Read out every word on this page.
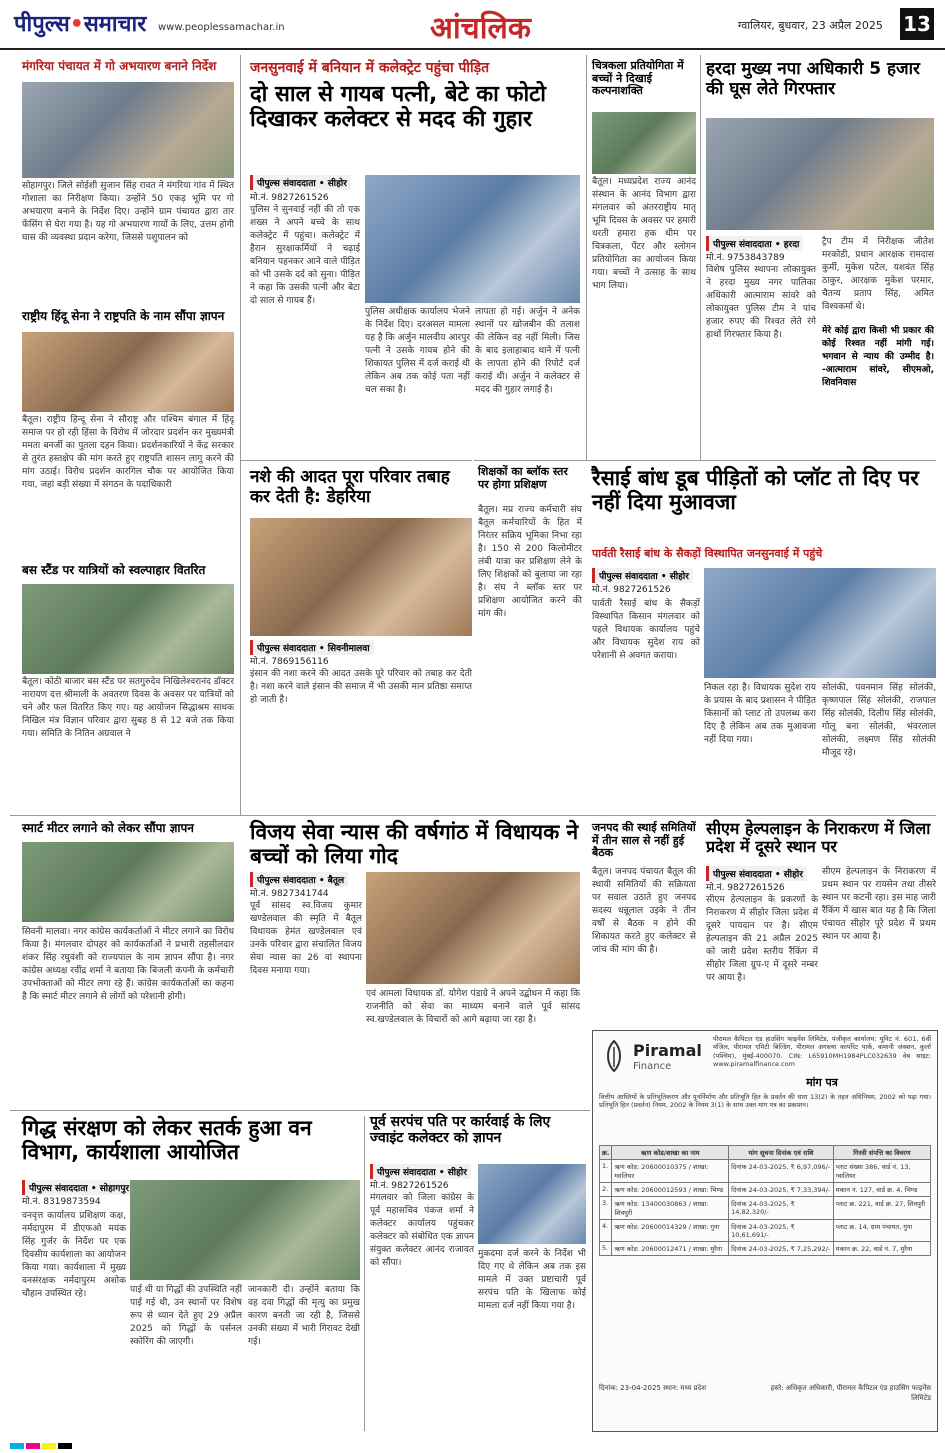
पीपुल्स•समाचार www.peoplessamachar.in	आंचलिक	ग्वालियर, बुधवार, 23 अप्रैल 2025 13
मंगरिया पंचायत में गो अभयारण बनाने निर्देश
सोहागपुर। जिले सोईशी सुजान सिंह रावत ने मंगरिया गांव में स्थित गोशाला का निरीक्षण किया। उन्होंने 50 एकड़ भूमि पर गो अभयारण बनाने के निर्देश दिए। उन्होंने ग्राम पंचायत द्वारा तार फेंसिंग से घेरा गया है। यह गो अभयारण गायों के लिए, उत्तम होगी घास की व्यवस्था प्रदान करेगा, जिससे पशुपालन को
राष्ट्रीय हिंदू सेना ने राष्ट्रपति के नाम सौंपा ज्ञापन
बैतूल। राष्ट्रीय हिन्दू सेना ने सौराष्ट्र और पश्चिम बंगाल में हिंदू समाज पर हो रही हिंसा के विरोध में जोरदार प्रदर्शन कर मुख्यमंत्री ममता बनर्जी का पुतला दहन किया। प्रदर्शनकारियों ने केंद्र सरकार से तुरंत हस्तक्षेप की मांग करते हुए राष्ट्रपति शासन लागू करने की मांग उठाई। विरोध प्रदर्शन कारगिल चौक पर आयोजित किया गया, जहां बड़ी संख्या में संगठन के पदाधिकारी
बस स्टैंड पर यात्रियों को स्वल्पाहार वितरित
बैतूल। कोठी बाजार बस स्टैंड पर सतगुरुदेव निखिलेश्वरानंद डॉक्टर नारायण दत्त श्रीमाली के अवतरण दिवस के अवसर पर यात्रियों को चने और फल वितरित किए गए। यह आयोजन सिद्धाश्रम साधक निखिल मंत्र विज्ञान परिवार द्वारा सुबह 8 से 12 बजे तक किया गया। समिति के नितिन अग्रवाल ने
जनसुनवाई में बनियान में कलेक्ट्रेट पहुंचा पीड़ित
दो साल से गायब पत्नी, बेटे का फोटो दिखाकर कलेक्टर से मदद की गुहार
पीपुल्स संवाददाता • सीहोर
मो.नं. 9827261526
पुलिस ने सुनवाई नहीं की तो एक शख्स ने अपने बच्चे के साथ कलेक्ट्रेट में पहुंचा। कलेक्ट्रेट में हैरान सुरक्षाकर्मियों ने चढ़ाई बनियान पहनकर आने वाले पीड़ित को भी उसके दर्द को सुना। पीड़ित ने कहा कि उसकी पत्नी और बेटा दो साल से गायब हैं।
पुलिस अधीक्षक कार्यालय भेजने के निर्देश दिए। दरअसल मामला यह है कि अर्जुन मालवीय आरपुर पत्नी ने उसके गायब होने की शिकायत पुलिस में दर्ज कराई थी लेकिन अब तक कोई पता नहीं चल सका है।
लापता हो गई। अर्जुन ने अनेक स्थानों पर खोजबीन की तलाश की लेकिन वह नहीं मिली। जिस के बाद इलाहाबाद थाने में पत्नी के लापता होने की रिपोर्ट दर्ज कराई थी। अर्जुन ने कलेक्टर से मदद की गुहार लगाई है।
चित्रकला प्रतियोगिता में बच्चों ने दिखाई कल्पनाशक्ति
बैतूल। मध्यप्रदेश राज्य आनंद संस्थान के आनंद विभाग द्वारा मंगलवार को अंतरराष्ट्रीय मातृ भूमि दिवस के अवसर पर हमारी धरती हमारा हक थीम पर चित्रकला, पेंटर और स्लोगन प्रतियोगिता का आयोजन किया गया। बच्चों ने उत्साह के साथ भाग लिया।
हरदा मुख्य नपा अधिकारी 5 हजार की घूस लेते गिरफ्तार
पीपुल्स संवाददाता • हरदा
मो.नं. 9753843789
विशेष पुलिस स्थापना लोकायुक्त ने हरदा मुख्य नगर पालिका अधिकारी आत्माराम सांवरे को लोकायुक्त पुलिस टीम ने पांच हजार रुपए की रिश्वत लेते रंगे हाथों गिरफ्तार किया है।
ट्रैप टीम में निरीक्षक जीतेश मरकोडी, प्रधान आरक्षक रामदास कुर्मी, मुकेश पटेल, यशवंत सिंह ठाकुर, आरक्षक मुकेश परमार, चैतन्य प्रताप सिंह, अमित विश्वकर्मा थे।
मेरे कोई द्वारा किसी भी प्रकार की कोई रिश्वत नहीं मांगी गई। भगवान से न्याय की उम्मीद है। -आत्माराम सांवरे, सीएमओ, शिवनिवास
नशे की आदत पूरा परिवार तबाह कर देती है: डेहरिया
पीपुल्स संवाददाता • सिवनीमालवा
मो.नं. 7869156116
इंसान की नशा करने की आदत उसके पूरे परिवार को तबाह कर देती है। नशा करने वाले इंसान की समाज में भी उसकी मान प्रतिष्ठा समाप्त हो जाती है।
शिक्षकों का ब्लॉक स्तर पर होगा प्रशिक्षण
बैतूल। मप्र राज्य कर्मचारी संघ बैतूल कर्मचारियों के हित में निरंतर सक्रिय भूमिका निभा रहा है। 150 से 200 किलोमीटर लंबी यात्रा कर प्रशिक्षण लेने के लिए शिक्षकों को बुलाया जा रहा है। संघ ने ब्लॉक स्तर पर प्रशिक्षण आयोजित करने की मांग की।
रैसाई बांध डूब पीड़ितों को प्लॉट तो दिए पर नहीं दिया मुआवजा
पार्वती रैसाई बांध के सैकड़ों विस्थापित जनसुनवाई में पहुंचे
पीपुल्स संवाददाता • सीहोर
मो.नं. 9827261526
पार्वती रैसाई बांध के सैकड़ों विस्थापित किसान मंगलवार को पहले विधायक कार्यालय पहुंचे और विधायक सुदेश राय को परेशानी से अवगत कराया।
निकल रहा है। विधायक सुदेश राय के प्रयास के बाद प्रशासन ने पीड़ित किसानों को प्लाट तो उपलब्ध करा दिए है लेकिन अब तक मुआवजा नहीं दिया गया।
सोलंकी, पवनमान सिंह सोलंकी, कृष्णपाल सिंह सोलंकी, राजपाल सिंह सोलंकी, दिलीप सिंह सोलंकी, गोलू बना सोलंकी, भंवरलाल सोलंकी, लक्ष्मण सिंह सोलंकी मौजूद रहे।
स्मार्ट मीटर लगाने को लेकर सौंपा ज्ञापन
सिवनी मालवा। नगर कांग्रेस कार्यकर्ताओं ने मीटर लगाने का विरोध किया है। मंगलवार दोपहर को कार्यकर्ताओं ने प्रभारी तहसीलदार शंकर सिंह रघुवंशी को राज्यपाल के नाम ज्ञापन सौंपा है। नगर कांग्रेस अध्यक्ष रवींद्र शर्मा ने बताया कि बिजली कंपनी के कर्मचारी उपभोक्ताओं को मीटर लगा रहे हैं। कांग्रेस कार्यकर्ताओं का कहना है कि स्मार्ट मीटर लगाने से लोगों को परेशानी होगी।
विजय सेवा न्यास की वर्षगांठ में विधायक ने बच्चों को लिया गोद
पीपुल्स संवाददाता • बैतूल
मो.नं. 9827341744
पूर्व सांसद स्व.विजय कुमार खण्डेलवाल की स्मृति में बैतूल विधायक हेमंत खण्डेलवाल एवं उनके परिवार द्वारा संचालित विजय सेवा न्यास का 26 वां स्थापना दिवस मनाया गया।
एवं आमला विधायक डॉ. योगेश पंडाग्रे ने अपने उद्बोधन में कहा कि राजनीति को सेवा का माध्यम बनाने वाले पूर्व सांसद स्व.खण्डेलवाल के विचारों को आगे बढ़ाया जा रहा है।
जनपद की स्थाई समितियों में तीन साल से नहीं हुई बैठक
बैतूल। जनपद पंचायत बैतूल की स्थायी समितियों की सक्रियता पर सवाल उठाते हुए जनपद सदस्य धन्नूलाल उइके ने तीन वर्षों से बैठक न होने की शिकायत करते हुए कलेक्टर से जांच की मांग की है।
सीएम हेल्पलाइन के निराकरण में जिला प्रदेश में दूसरे स्थान पर
पीपुल्स संवाददाता • सीहोर
मो.नं. 9827261526
सीएम हेल्पलाइन के प्रकरणों के निराकरण में सीहोर जिला प्रदेश में दूसरे पायदान पर है। सीएम हेल्पलाइन की 21 अप्रैल 2025 को जारी प्रदेश स्तरीय रैंकिंग में सीहोर जिला ग्रुप-ए में दूसरे नम्बर पर आया है।
सीएम हेल्पलाइन के निराकरण में प्रथम स्थान पर रायसेन तथा तीसरे स्थान पर कटनी रहा। इस माह जारी रैंकिंग में खास बात यह है कि जिला पंचायत सीहोर पूरे प्रदेश में प्रथम स्थान पर आया है।
गिद्ध संरक्षण को लेकर सतर्क हुआ वन विभाग, कार्यशाला आयोजित
पीपुल्स संवाददाता • सोहागपुर
मो.नं. 8319873594
वनवृत्त कार्यालय प्रशिक्षण कक्ष, नर्मदापुरम में डीएफओ मयंक सिंह गुर्जर के निर्देश पर एक दिवसीय कार्यशाला का आयोजन किया गया। कार्यशाला में मुख्य वनसंरक्षक नर्मदापुरम अशोक चौहान उपस्थित रहे।	पाई थी या गिद्धों की उपस्थिति नहीं पाई गई थी, उन स्थानों पर विशेष रूप से ध्यान देते हुए 29 अप्रैल 2025 को गिद्धों के पर्सनल स्कोरिंग की जाएगी।
जानकारी दी। उन्होंने बताया कि वह दवा गिद्धों की मृत्यु का प्रमुख कारण बनती जा रही है, जिससे उनकी संख्या में भारी गिरावट देखी गई।
पूर्व सरपंच पति पर कार्रवाई के लिए ज्वाइंट कलेक्टर को ज्ञापन
पीपुल्स संवाददाता • सीहोर
मो.नं. 9827261526
मंगलवार को जिला कांग्रेस के पूर्व महासचिव पंकज शर्मा ने कलेक्टर कार्यालय पहुंचकर कलेक्टर को संबोधित एक ज्ञापन संयुक्त कलेक्टर आनंद राजावत को सौंपा।
मुकदमा दर्ज करने के निर्देश भी दिए गए थे लेकिन अब तक इस मामले में उक्त प्रष्टाचारी पूर्व सरपंच पति के खिलाफ कोई मामला दर्ज नहीं किया गया है।
Piramal
Finance
पीरामल कैपिटल एंड हाउसिंग फाइनेंस लिमिटेड, पंजीकृत कार्यालय: यूनिट नं. 601, 6वीं मंजिल, पीरामल एमिटी बिल्डिंग, पीरामल अगस्त्या कार्पोरेट पार्क, कमानी जंक्शन, कुर्ला (पश्चिम), मुंबई-400070. CIN: L65910MH1984PLC032639 वेब साइट: www.piramalfinance.com
मांग पत्र
वित्तीय आस्तियों के प्रतिभूतिकरण और पुनर्निर्माण और प्रतिभूति हित के प्रवर्तन की धारा 13(2) के तहत अधिनियम, 2002 को पढ़ा गया। प्रतिभूति हित (प्रवर्तन) नियम, 2002 के नियम 3(1) के साथ उक्त मांग पत्र का प्रकाशन।
क्र.	ऋण कोड/शाखा का नाम	मांग सूचना दिनांक एवं राशि	गिरवी संपत्ति का विवरण
1.	ऋण कोड: 20600010375 / शाखा: ग्वालियर	दिनांक 24-03-2025, ₹ 6,97,096/-	प्लाट संख्या 386, वार्ड नं. 13, ग्वालियर
2.	ऋण कोड: 20600012593 / शाखा: भिण्ड	दिनांक 24-03-2025, ₹ 7,33,394/-	मकान नं. 127, वार्ड क्र. 4, भिण्ड
3.	ऋण कोड: 13400030863 / शाखा: शिवपुरी	दिनांक 24-03-2025, ₹ 14,82,320/-	प्लाट क्र. 221, वार्ड क्र. 27, शिवपुरी
4.	ऋण कोड: 20600014329 / शाखा: गुना	दिनांक 24-03-2025, ₹ 10,61,691/-	प्लाट क्र. 14, ग्राम पंचायत, गुना
5.	ऋण कोड: 20600012471 / शाखा: मुरैना	दिनांक 24-03-2025, ₹ 7,25,292/-	मकान क्र. 22, वार्ड नं. 7, मुरैना
दिनांक: 23-04-2025 स्थान: मध्य प्रदेश	हस्ते: अधिकृत अधिकारी, पीरामल कैपिटल एंड हाउसिंग फाइनेंस लिमिटेड
